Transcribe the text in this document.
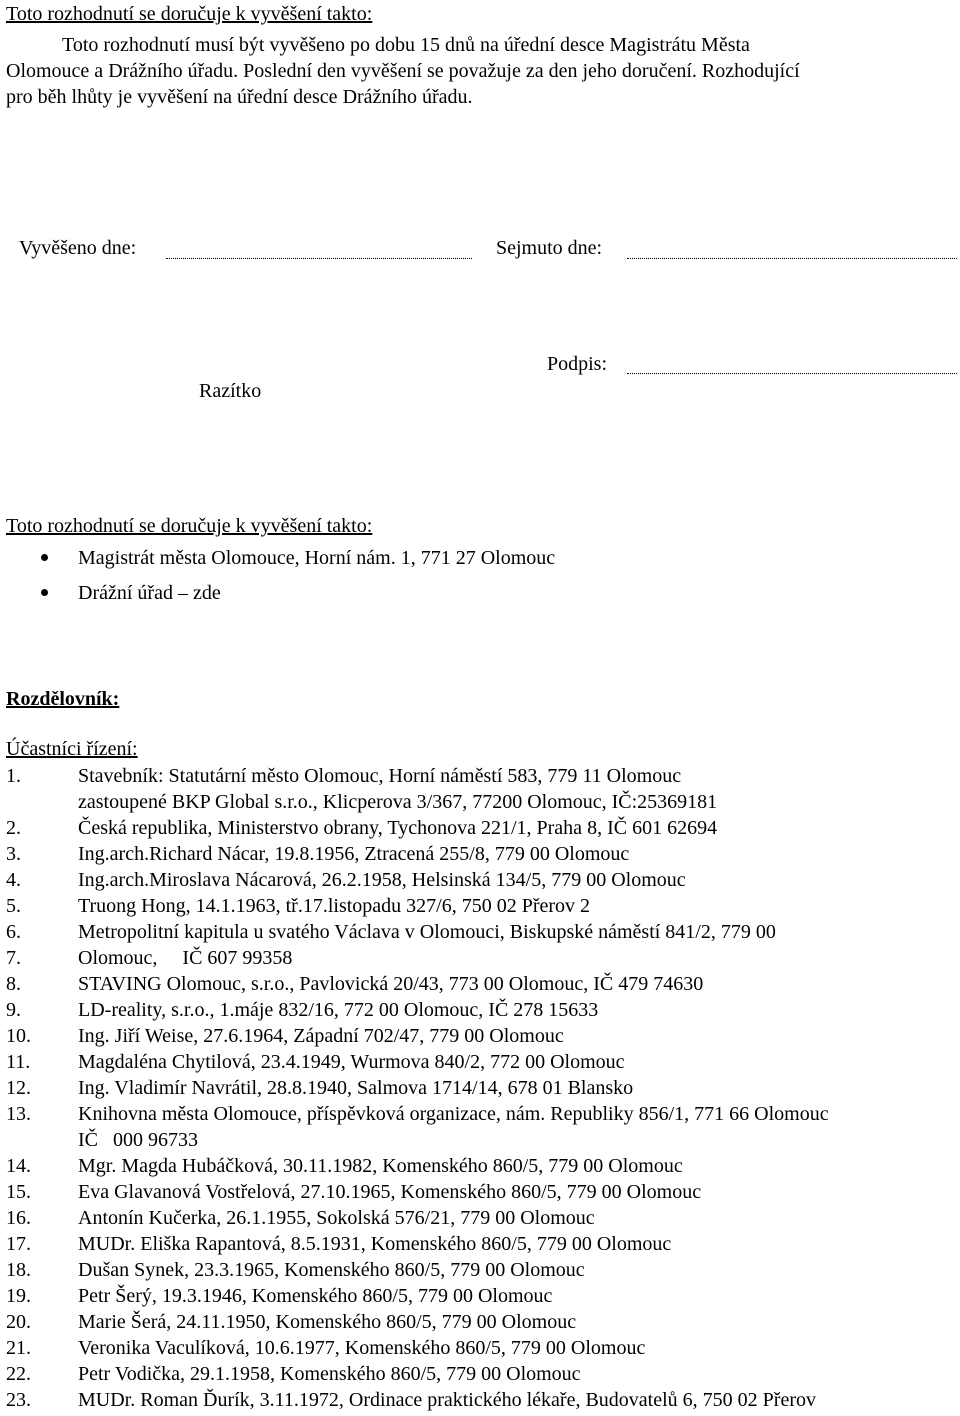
Toto rozhodnutí se doručuje k vyvěšení takto:
Toto rozhodnutí musí být vyvěšeno po dobu 15 dnů na úřední desce Magistrátu Města
Olomouce a Drážního úřadu. Poslední den vyvěšení se považuje za den jeho doručení. Rozhodující
pro běh lhůty je vyvěšení na úřední desce Drážního úřadu.
Vyvěšeno dne:	Sejmuto dne:
Podpis:
Razítko
Toto rozhodnutí se doručuje k vyvěšení takto:
Magistrát města Olomouce, Horní nám. 1, 771 27 Olomouc
Drážní úřad – zde
Rozdělovník:
Účastníci řízení:
1.	Stavebník: Statutární město Olomouc, Horní náměstí 583, 779 11 Olomouc
zastoupené BKP Global s.r.o., Klicperova 3/367, 77200 Olomouc, IČ:25369181
2.	Česká republika, Ministerstvo obrany, Tychonova 221/1, Praha 8, IČ 601 62694
3.	Ing.arch.Richard Nácar, 19.8.1956, Ztracená 255/8, 779 00 Olomouc
4.	Ing.arch.Miroslava Nácarová, 26.2.1958, Helsinská 134/5, 779 00 Olomouc
5.	Truong Hong, 14.1.1963, tř.17.listopadu 327/6, 750 02 Přerov 2
6.	Metropolitní kapitula u svatého Václava v Olomouci, Biskupské náměstí 841/2, 779 00
7.	Olomouc,     IČ 607 99358
8.	STAVING Olomouc, s.r.o., Pavlovická 20/43, 773 00 Olomouc, IČ 479 74630
9.	LD-reality, s.r.o., 1.máje 832/16, 772 00 Olomouc, IČ 278 15633
10. Ing. Jiří Weise, 27.6.1964, Západní 702/47, 779 00 Olomouc
11. Magdaléna Chytilová, 23.4.1949, Wurmova 840/2, 772 00 Olomouc
12. Ing. Vladimír Navrátil, 28.8.1940, Salmova 1714/14, 678 01 Blansko
13. Knihovna města Olomouce, příspěvková organizace, nám. Republiky 856/1, 771 66 Olomouc
IČ   000 96733
14. Mgr. Magda Hubáčková, 30.11.1982, Komenského 860/5, 779 00 Olomouc
15. Eva Glavanová Vostřelová, 27.10.1965, Komenského 860/5, 779 00 Olomouc
16. Antonín Kučerka, 26.1.1955, Sokolská 576/21, 779 00 Olomouc
17. MUDr. Eliška Rapantová, 8.5.1931, Komenského 860/5, 779 00 Olomouc
18. Dušan Synek, 23.3.1965, Komenského 860/5, 779 00 Olomouc
19. Petr Šerý, 19.3.1946, Komenského 860/5, 779 00 Olomouc
20. Marie Šerá, 24.11.1950, Komenského 860/5, 779 00 Olomouc
21. Veronika Vaculíková, 10.6.1977, Komenského 860/5, 779 00 Olomouc
22. Petr Vodička, 29.1.1958, Komenského 860/5, 779 00 Olomouc
23. MUDr. Roman Ďurík, 3.11.1972, Ordinace praktického lékaře, Budovatelů 6, 750 02 Přerov
